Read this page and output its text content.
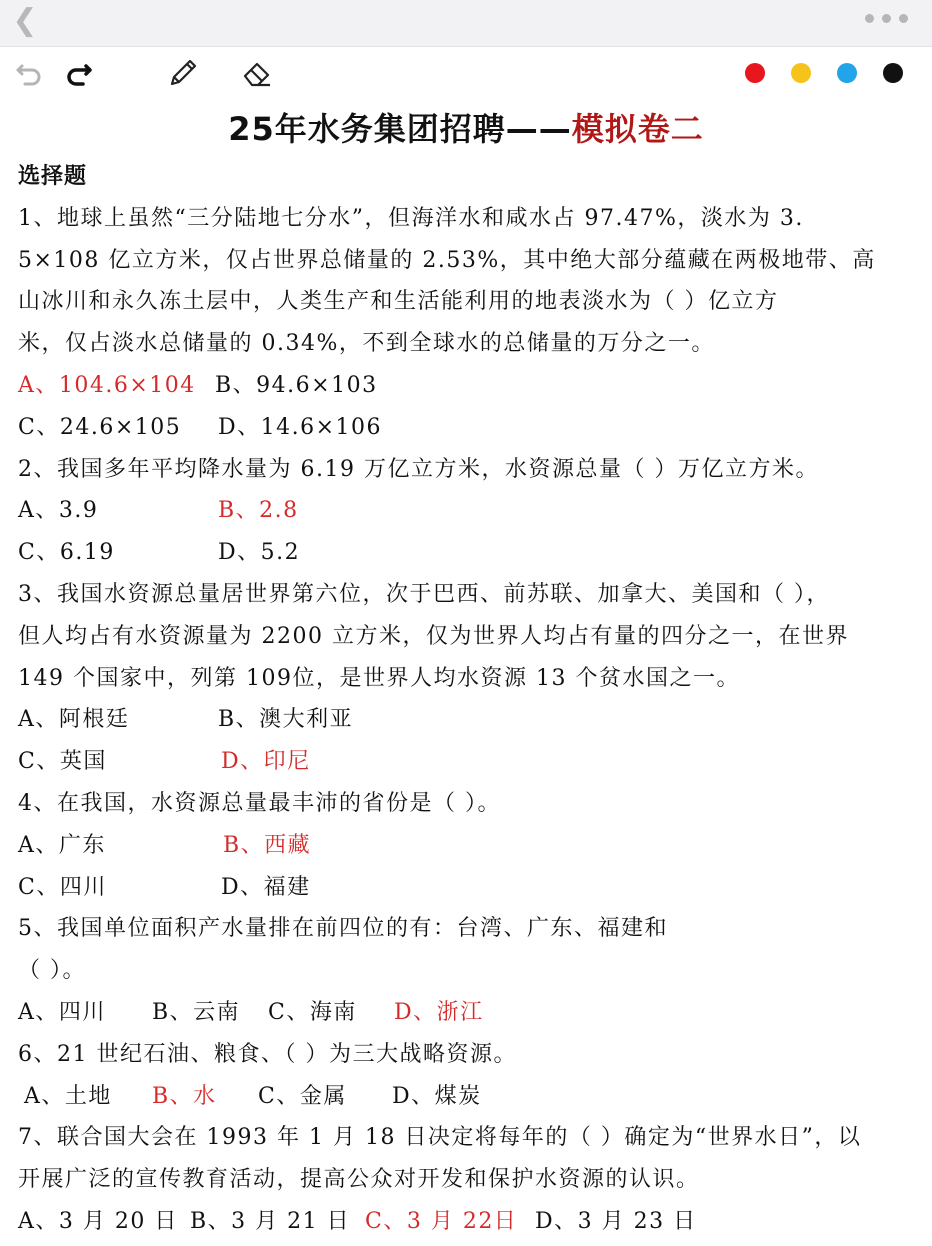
❮
25年水务集团招聘——模拟卷二
选择题
1、地球上虽然“三分陆地七分水”，但海洋水和咸水占 97.47%，淡水为 3.
5×108 亿立方米，仅占世界总储量的 2.53%，其中绝大部分蕴藏在两极地带、高
山冰川和永久冻土层中，人类生产和生活能利用的地表淡水为（ ）亿立方
米，仅占淡水总储量的 0.34%，不到全球水的总储量的万分之一。
A、104.6×104 B、94.6×103
C、24.6×105 D、14.6×106
2、我国多年平均降水量为 6.19 万亿立方米，水资源总量（ ）万亿立方米。
A、3.9	B、2.8
C、6.19	D、5.2
3、我国水资源总量居世界第六位，次于巴西、前苏联、加拿大、美国和（ ），
但人均占有水资源量为 2200 立方米，仅为世界人均占有量的四分之一，在世界
149 个国家中，列第 109位，是世界人均水资源 13 个贫水国之一。
A、阿根廷	B、澳大利亚
C、英国	D、印尼
4、在我国，水资源总量最丰沛的省份是（ ）。
A、广东	B、西藏
C、四川	D、福建
5、我国单位面积产水量排在前四位的有：台湾、广东、福建和
（ ）。
A、四川 B、云南 C、海南 D、浙江
6、21 世纪石油、粮食、（ ）为三大战略资源。
A、土地 B、水 C、金属 D、煤炭
7、联合国大会在 1993 年 1 月 18 日决定将每年的（ ）确定为“世界水日”，以
开展广泛的宣传教育活动，提高公众对开发和保护水资源的认识。
A、3 月 20 日 B、3 月 21 日 C、3 月 22日 D、3 月 23 日
